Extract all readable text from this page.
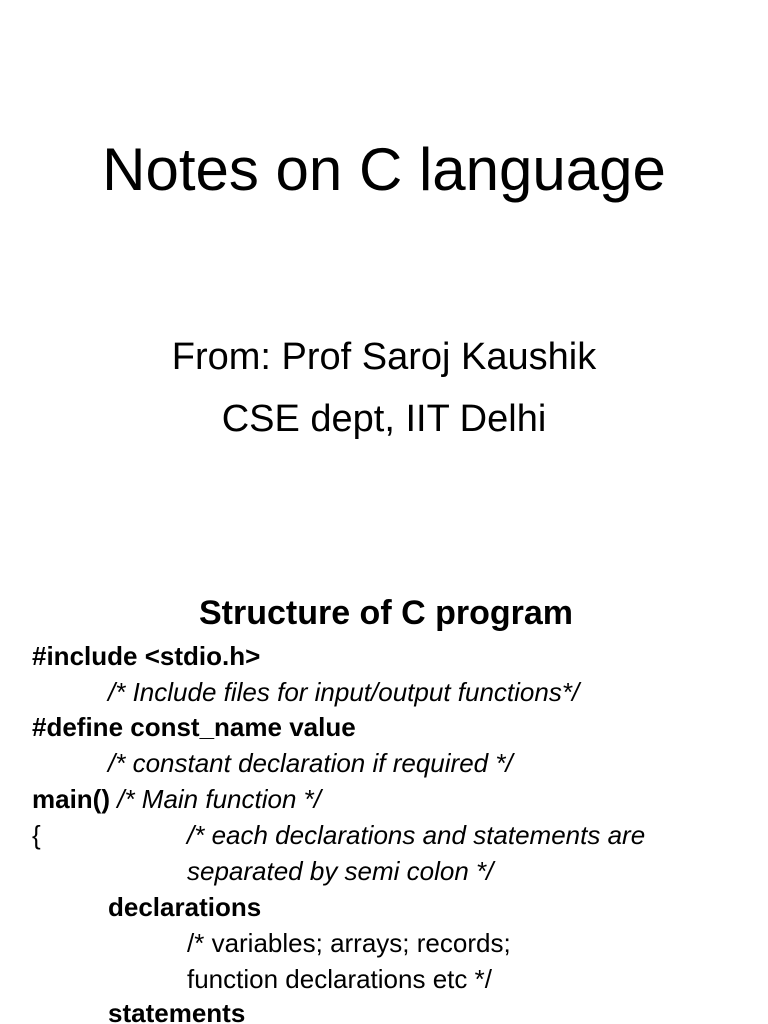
Notes on C language

From: Prof Saroj Kaushik

CSE dept, IIT Delhi

Structure of C program

#include <stdio.h>

/* Include files for input/output functions*/

#define const_name value

/* constant declaration if required */

main() /* Main function */

{	/* each declarations and statements are

separated by semi colon */

declarations

/* variables; arrays; records;

function declarations etc */

statements
